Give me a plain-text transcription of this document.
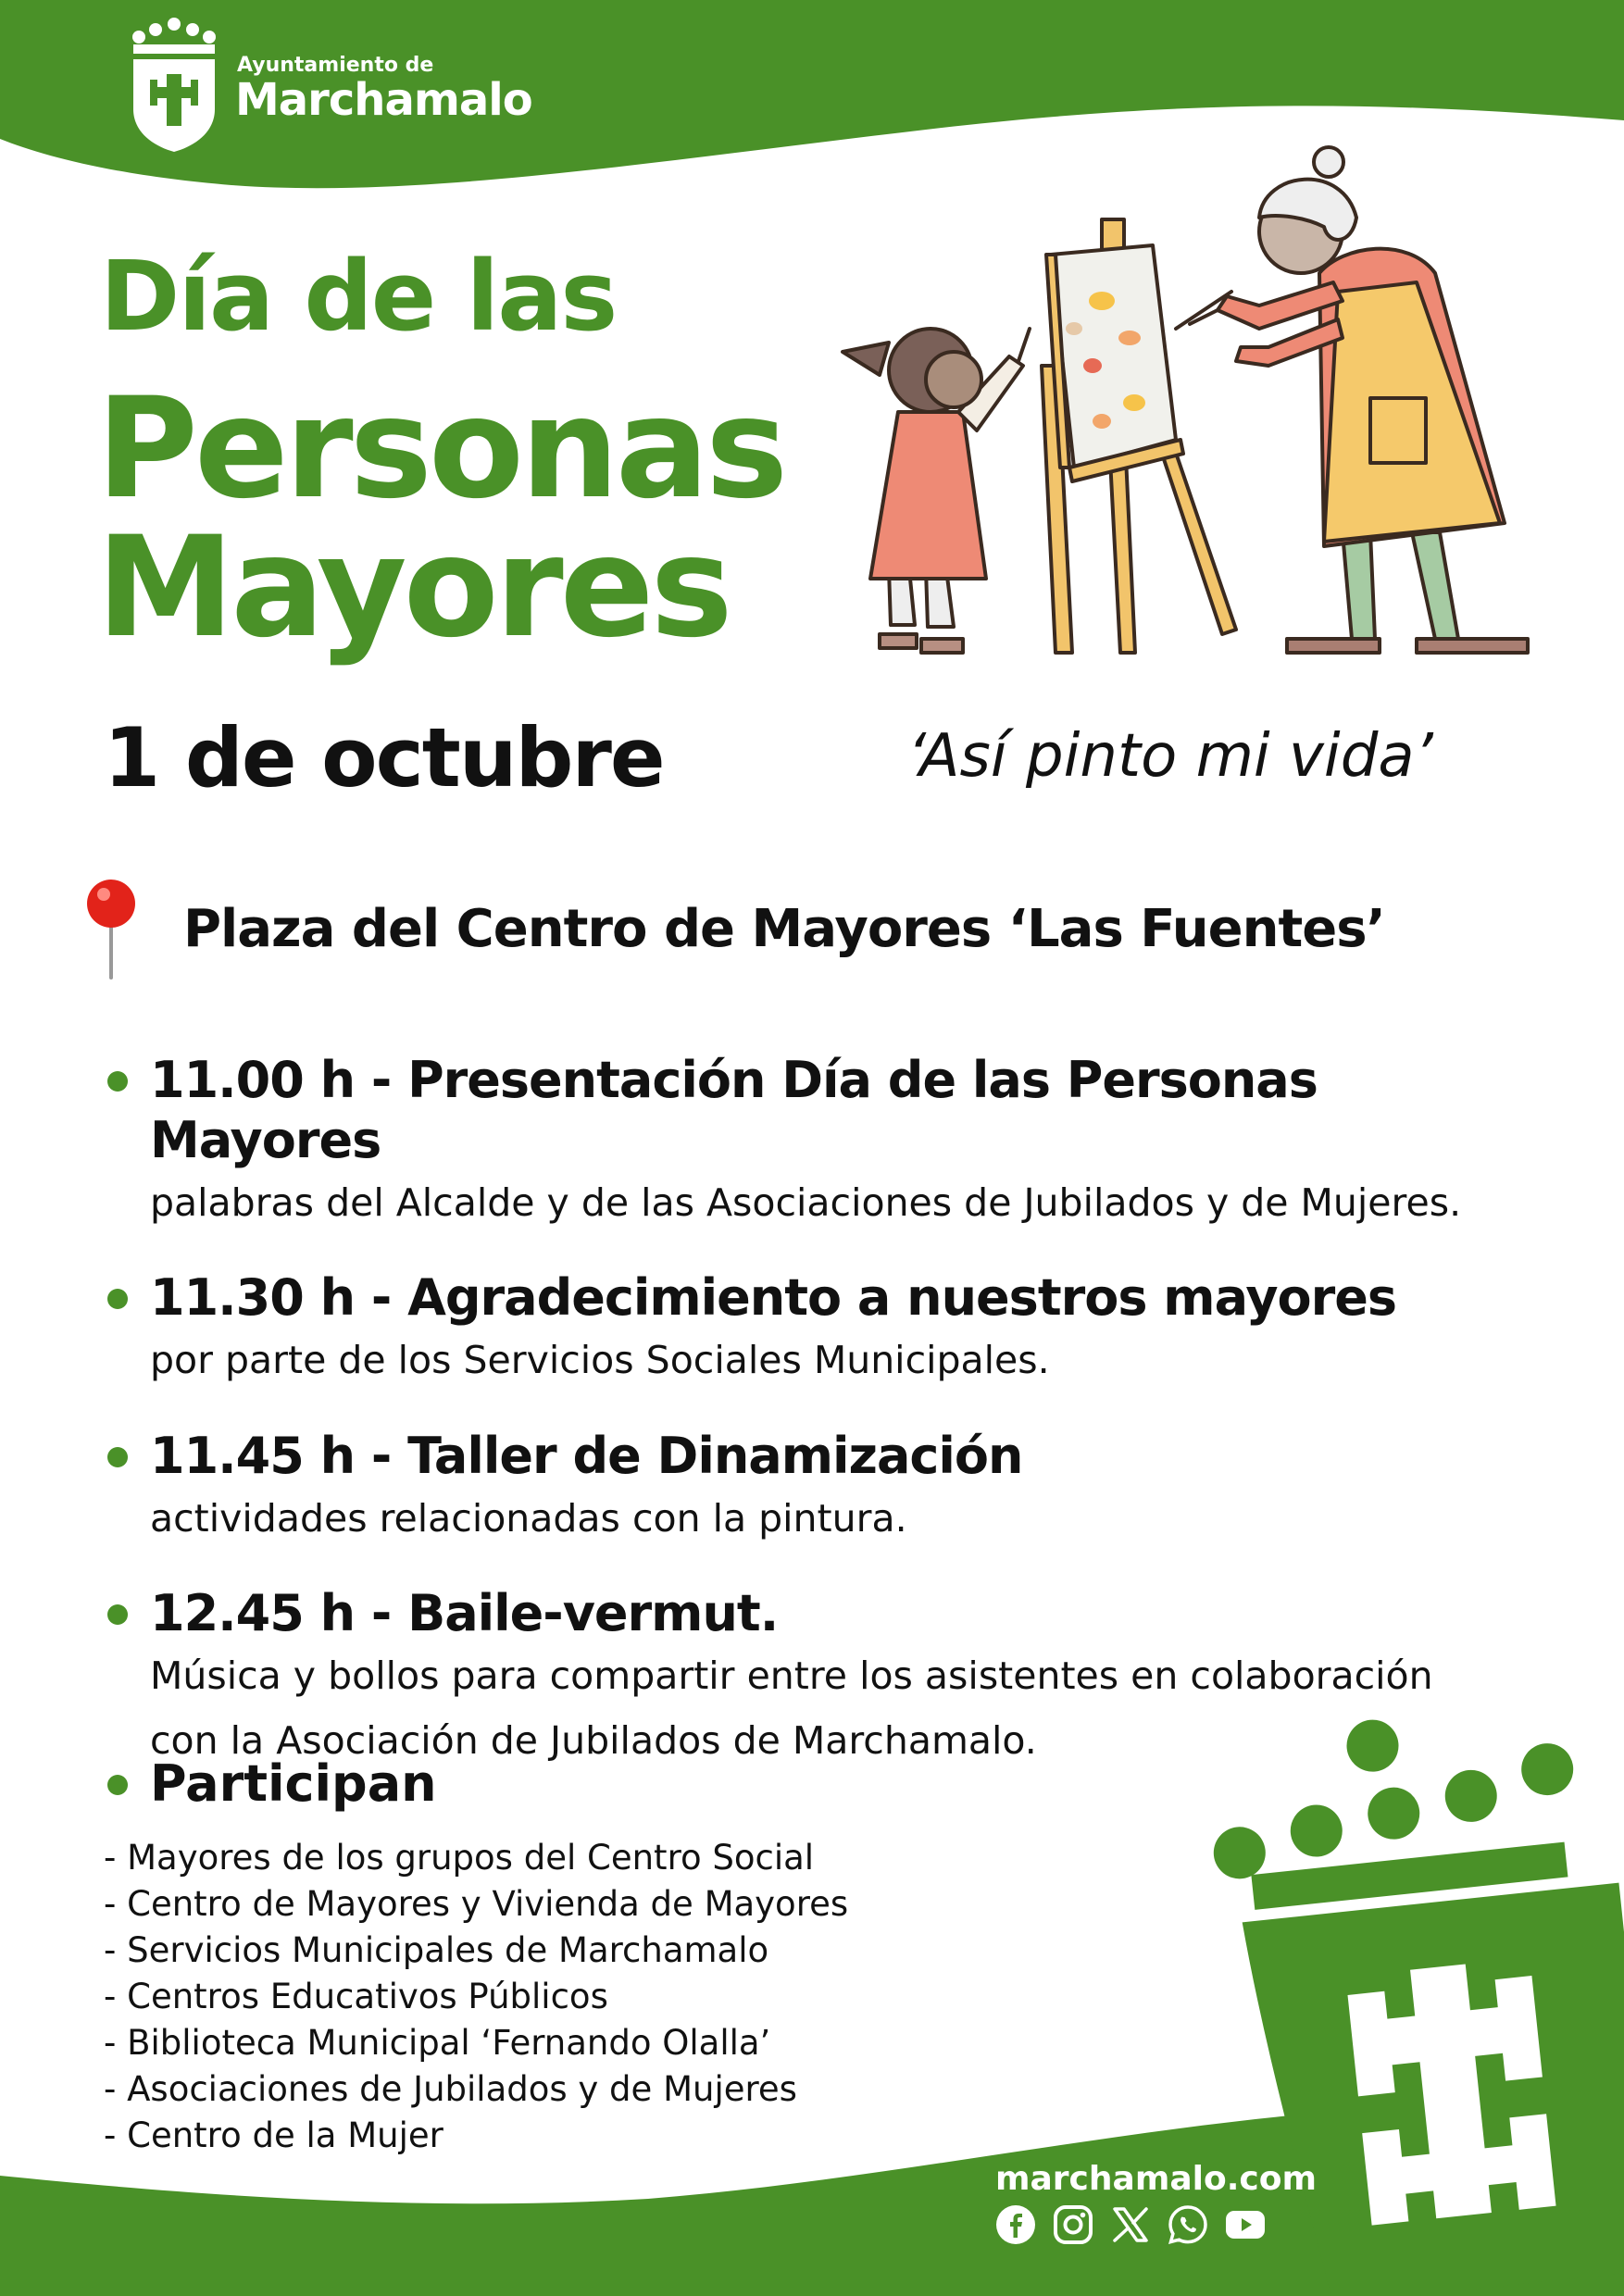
Ayuntamiento de
Marchamalo
Día de las
Personas
Mayores
1 de octubre	‘Así pinto mi vida’
Plaza del Centro de Mayores ‘Las Fuentes’
11.00 h - Presentación Día de las Personas Mayores
palabras del Alcalde y de las Asociaciones de Jubilados y de Mujeres.
11.30 h - Agradecimiento a nuestros mayores
por parte de los Servicios Sociales Municipales.
11.45 h - Taller de Dinamización
actividades relacionadas con la pintura.
12.45 h - Baile-vermut.
Música y bollos para compartir entre los asistentes en colaboración
con la Asociación de Jubilados de Marchamalo.
Participan
- Mayores de los grupos del Centro Social
- Centro de Mayores y Vivienda de Mayores
- Servicios Municipales de Marchamalo
- Centros Educativos Públicos
- Biblioteca Municipal ‘Fernando Olalla’
- Asociaciones de Jubilados y de Mujeres
- Centro de la Mujer
marchamalo.com
